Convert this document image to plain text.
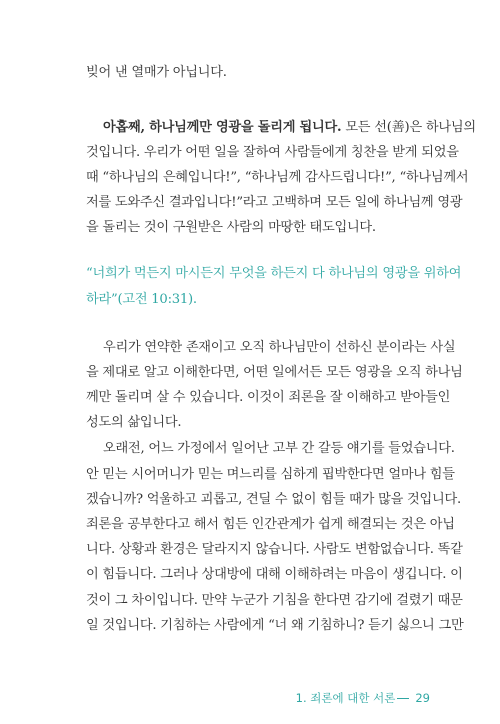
빚어 낸 열매가 아닙니다.
아홉째, 하나님께만 영광을 돌리게 됩니다. 모든 선(善)은 하나님의
것입니다. 우리가 어떤 일을 잘하여 사람들에게 칭찬을 받게 되었을
때 “하나님의 은혜입니다!”, “하나님께 감사드립니다!”, “하나님께서
저를 도와주신 결과입니다!”라고 고백하며 모든 일에 하나님께 영광
을 돌리는 것이 구원받은 사람의 마땅한 태도입니다.
“너희가 먹든지 마시든지 무엇을 하든지 다 하나님의 영광을 위하여
하라”(고전 10:31).
우리가 연약한 존재이고 오직 하나님만이 선하신 분이라는 사실
을 제대로 알고 이해한다면, 어떤 일에서든 모든 영광을 오직 하나님
께만 돌리며 살 수 있습니다. 이것이 죄론을 잘 이해하고 받아들인
성도의 삶입니다.
오래전, 어느 가정에서 일어난 고부 간 갈등 얘기를 들었습니다.
안 믿는 시어머니가 믿는 며느리를 심하게 핍박한다면 얼마나 힘들
겠습니까? 억울하고 괴롭고, 견딜 수 없이 힘들 때가 많을 것입니다.
죄론을 공부한다고 해서 힘든 인간관계가 쉽게 해결되는 것은 아닙
니다. 상황과 환경은 달라지지 않습니다. 사람도 변함없습니다. 똑같
이 힘듭니다. 그러나 상대방에 대해 이해하려는 마음이 생깁니다. 이
것이 그 차이입니다. 만약 누군가 기침을 한다면 감기에 걸렸기 때문
일 것입니다. 기침하는 사람에게 “너 왜 기침하니? 듣기 싫으니 그만
1. 죄론에 대한 서론 29
